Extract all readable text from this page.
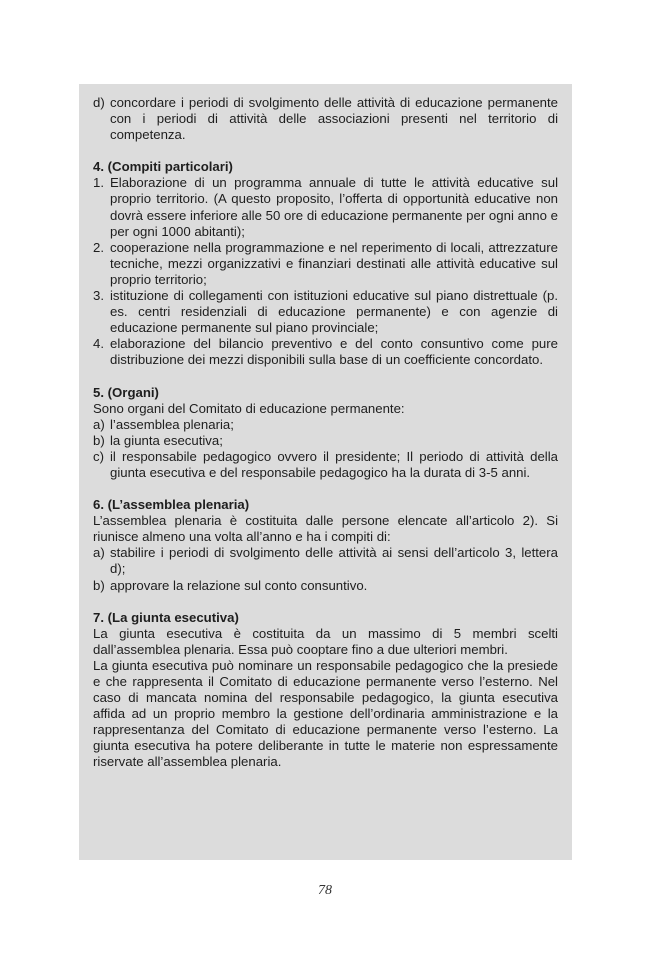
d) concordare i periodi di svolgimento delle attività di educazione permanente con i periodi di attività delle associazioni presenti nel territorio di competenza.
4. (Compiti particolari)
1. Elaborazione di un programma annuale di tutte le attività educative sul proprio territorio. (A questo proposito, l’offerta di opportunità educative non dovrà essere inferiore alle 50 ore di educazione permanente per ogni anno e per ogni 1000 abitanti);
2. cooperazione nella programmazione e nel reperimento di locali, attrezzature tecniche, mezzi organizzativi e finanziari destinati alle attività educative sul proprio territorio;
3. istituzione di collegamenti con istituzioni educative sul piano distrettuale (p. es. centri residenziali di educazione permanente) e con agenzie di educazione permanente sul piano provinciale;
4. elaborazione del bilancio preventivo e del conto consuntivo come pure distribuzione dei mezzi disponibili sulla base di un coefficiente concordato.
5. (Organi)
Sono organi del Comitato di educazione permanente:
a) l’assemblea plenaria;
b) la giunta esecutiva;
c) il responsabile pedagogico ovvero il presidente; Il periodo di attività della giunta esecutiva e del responsabile pedagogico ha la durata di 3-5 anni.
6. (L’assemblea plenaria)
L’assemblea plenaria è costituita dalle persone elencate all’articolo 2). Si riunisce almeno una volta all’anno e ha i compiti di:
a) stabilire i periodi di svolgimento delle attività ai sensi dell’articolo 3, lettera d);
b) approvare la relazione sul conto consuntivo.
7. (La giunta esecutiva)
La giunta esecutiva è costituita da un massimo di 5 membri scelti dall’assemblea plenaria. Essa può cooptare fino a due ulteriori membri.
La giunta esecutiva può nominare un responsabile pedagogico che la presiede e che rappresenta il Comitato di educazione permanente verso l’esterno. Nel caso di mancata nomina del responsabile pedagogico, la giunta esecutiva affida ad un proprio membro la gestione dell’ordinaria amministrazione e la rappresentanza del Comitato di educazione permanente verso l’esterno. La giunta esecutiva ha potere deliberante in tutte le materie non espressamente riservate all’assemblea plenaria.
78
